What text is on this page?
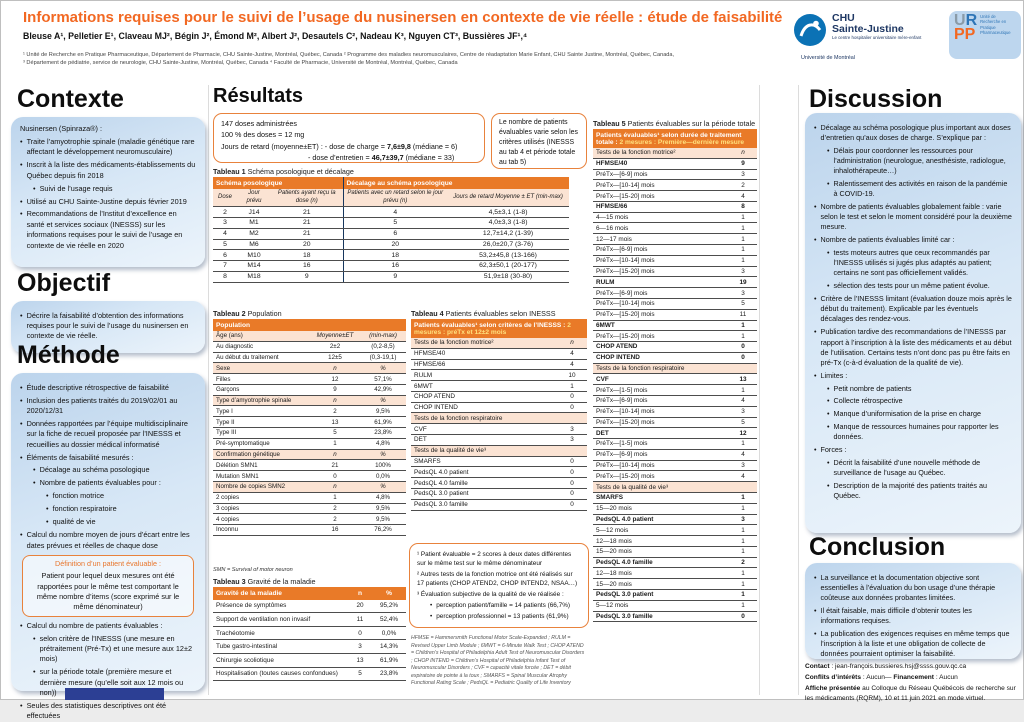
Informations requises pour le suivi de l’usage du nusinersen en contexte de vie réelle : étude de faisabilité
Bleuse A¹, Pelletier E¹, Claveau MJ², Bégin J², Émond M², Albert J², Desautels C², Nadeau K³, Nguyen CT³, Bussières JF¹,⁴
¹ Unité de Recherche en Pratique Pharmaceutique, Département de Pharmacie, CHU Sainte-Justine, Montréal, Québec, Canada ² Programme des maladies neuromusculaires, Centre de réadaptation Marie Enfant, CHU Sainte Justine, Montréal, Québec, Canada,
³ Département de pédiatrie, service de neurologie, CHU Sainte-Justine, Montréal, Québec, Canada ⁴ Faculté de Pharmacie, Université de Montréal, Montréal, Québec, Canada
CHU
Sainte-Justine
Le centre hospitalier universitaire mère-enfant
Université de Montréal
UR
PP
Unité de Recherche en Pratique Pharmaceutique
Contexte
Nusinersen (Spinraza®) :
• Traite l’amyotrophie spinale (maladie génétique rare affectant le développement neuromusculaire)
• Inscrit à la liste des médicaments-établissements du Québec depuis fin 2018
• Suivi de l’usage requis
• Utilisé au CHU Sainte-Justine depuis février 2019
• Recommandations de l’Institut d’excellence en santé et services sociaux (INESSS) sur les informations requises pour le suivi de l’usage en contexte de vie réelle en 2020
Objectif
• Décrire la faisabilité d’obtention des informations requises pour le suivi de l’usage du nusinersen en contexte de vie réelle.
Méthode
• Étude descriptive rétrospective de faisabilité
• Inclusion des patients traités du 2019/02/01 au 2020/12/31
• Données rapportées par l’équipe multidisciplinaire sur la fiche de recueil proposée par l’INESSS et recueillies au dossier médical informatisé
• Éléments de faisabilité mesurés :
• Décalage au schéma posologique
• Nombre de patients évaluables pour :
• fonction motrice
• fonction respiratoire
• qualité de vie
• Calcul du nombre moyen de jours d’écart entre les dates prévues et réelles de chaque dose
Définition d’un patient évaluable :
Patient pour lequel deux mesures ont été rapportées pour le même test comportant le même nombre d’items (score exprimé sur le même dénominateur)
• Calcul du nombre de patients évaluables :
• selon critère de l’INESSS (une mesure en prétraitement (Pré-Tx) et une mesure aux 12±2 mois)
• sur la période totale (première mesure et dernière mesure (qu’elle soit aux 12 mois ou non))
• Seules des statistiques descriptives ont été effectuées
Résultats
147 doses administrées
100 % des doses = 12 mg
Jours de retard (moyenne±ET) : - dose de charge = 7,6±9,8 (médiane = 6)
- dose d’entretien = 46,7±39,7 (médiane = 33)
Le nombre de patients évaluables varie selon les critères utilisés (INESSS au tab 4 et période totale au tab 5)
Tableau 1 Schéma posologique et décalage
Schéma posologique			Décalage au schéma posologique	
Dose	Jour prévu	Patients ayant reçu la dose (n)	Patients avec un retard selon le jour prévu (n)	Jours de retard Moyenne ± ET (min-max)
2	J14	21	4	4,5±3,1 (1-8)
3	M1	21	5	4,0±3,3 (1-8)
4	M2	21	6	12,7±14,2 (1-39)
5	M6	20	20	26,0±20,7 (3-76)
6	M10	18	18	53,2±45,8 (13-166)
7	M14	16	16	62,3±50,1 (20-177)
8	M18	9	9	51,9±18 (30-80)
Tableau 2 Population
Population		
Âge (ans)	Moyenne±ET	(min-max)
Au diagnostic	2±2	(0,2-8,5)
Au début du traitement	12±5	(0,3-19,1)
Sexe	n	%
Filles	12	57,1%
Garçons	9	42,9%
Type d’amyotrophie spinale	n	%
Type I	2	9,5%
Type II	13	61,9%
Type III	5	23,8%
Pré-symptomatique	1	4,8%
Confirmation génétique	n	%
Délétion SMN1	21	100%
Mutation SMN1	0	0,0%
Nombre de copies SMN2	n	%
2 copies	1	4,8%
3 copies	2	9,5%
4 copies	2	9,5%
Inconnu	16	76,2%
SMN = Survival of motor neuron
Tableau 3 Gravité de la maladie
Gravité de la maladie	n	%
Présence de symptômes	20	95,2%
Support de ventilation non invasif	11	52,4%
Trachéotomie	0	0,0%
Tube gastro-intestinal	3	14,3%
Chirurgie scoliotique	13	61,9%
Hospitalisation (toutes causes confondues)	5	23,8%
Tableau 4 Patients évaluables selon INESSS
Patients évaluables¹ selon critères de l’INESSS : 2 mesures : préTx et 12±2 mois	
Tests de la fonction motrice²	n
HFMSE/40	4
HFMSE/66	4
RULM	10
6MWT	1
CHOP ATEND	0
CHOP INTEND	0
Tests de la fonction respiratoire	
CVF	3
DET	3
Tests de la qualité de vie³	
SMARFS	0
PedsQL 4.0 patient	0
PedsQL 4.0 famille	0
PedsQL 3.0 patient	0
PedsQL 3.0 famille	0
¹ Patient évaluable = 2 scores à deux dates différentes sur le même test sur le même dénominateur
² Autres tests de la fonction motrice ont été réalisés sur 17 patients (CHOP ATEND2, CHOP INTEND2, NSAA…)
³ Évaluation subjective de la qualité de vie réalisée :
• perception patient/famille = 14 patients (66,7%)
• perception professionnel = 13 patients (61,9%)
HFMSE = Hammersmith Functional Motor Scale-Expanded ; RULM = Revised Upper Limb Module ; 6MWT = 6-Minute Walk Test ; CHOP ATEND = Children’s Hospital of Philadelphia Adult Test of Neuromuscular Disorders ; CHOP INTEND = Children’s Hospital of Philadelphia Infant Test of Neuromuscular Disorders ; CVF = capacité vitale forcée ; DET = débit expiratoire de pointe à la toux ; SMARFS = Spinal Muscular Atrophy Functional Rating Scale ; PedsQL = Pediatric Quality of Life Inventory
Tableau 5 Patients évaluables sur la période totale
Patients évaluables¹ selon durée de traitement totale : 2 mesures : Première—dernière mesure	
Tests de la fonction motrice²	n
HFMSE/40	9
PréTx—[6-9] mois	3
PréTx—[10-14] mois	2
PréTx—[15-20] mois	4
HFMSE/66	8
4—15 mois	1
6—16 mois	1
12—17 mois	1
PréTx—[6-9] mois	1
PréTx—[10-14] mois	1
PréTx—[15-20] mois	3
RULM	19
PréTx—[6-9] mois	3
PréTx—[10-14] mois	5
PréTx—[15-20] mois	11
6MWT	1
PréTx—[15-20] mois	1
CHOP ATEND	0
CHOP INTEND	0
Tests de la fonction respiratoire	
CVF	13
PréTx—[1-5] mois	1
PréTx—[6-9] mois	4
PréTx—[10-14] mois	3
PréTx—[15-20] mois	5
DET	12
PréTx—[1-5] mois	1
PréTx—[6-9] mois	4
PréTx—[10-14] mois	3
PréTx—[15-20] mois	4
Tests de la qualité de vie³	
SMARFS	1
15—20 mois	1
PedsQL 4.0 patient	3
5—12 mois	1
12—18 mois	1
15—20 mois	1
PedsQL 4.0 famille	2
12—18 mois	1
15—20 mois	1
PedsQL 3.0 patient	1
5—12 mois	1
PedsQL 3.0 famille	0
Discussion
• Décalage au schéma posologique plus important aux doses d’entretien qu’aux doses de charge. S’explique par :
• Délais pour coordonner les ressources pour l’administration (neurologue, anesthésiste, radiologue, inhalothérapeute…)
• Ralentissement des activités en raison de la pandémie à COVID-19.
• Nombre de patients évaluables globalement faible : varie selon le test et selon le moment considéré pour la deuxième mesure.
• Nombre de patients évaluables limité car :
• tests moteurs autres que ceux recommandés par l’INESSS utilisés si jugés plus adaptés au patient; certains ne sont pas officiellement validés.
• sélection des tests pour un même patient évolue.
• Critère de l’INESSS limitant (évaluation douze mois après le début du traitement). Explicable par les éventuels décalages des rendez-vous.
• Publication tardive des recommandations de l’INESSS par rapport à l’inscription à la liste des médicaments et au début de l’utilisation. Certains tests n’ont donc pas pu être faits en pré-Tx (c-à-d évaluation de la qualité de vie).
• Limites :
• Petit nombre de patients
• Collecte rétrospective
• Manque d’uniformisation de la prise en charge
• Manque de ressources humaines pour rapporter les données.
• Forces :
• Décrit la faisabilité d’une nouvelle méthode de surveillance de l’usage au Québec.
• Description de la majorité des patients traités au Québec.
Conclusion
• La surveillance et la documentation objective sont essentielles à l’évaluation du bon usage d’une thérapie coûteuse aux données probantes limitées.
• Il était faisable, mais difficile d’obtenir toutes les informations requises.
• La publication des exigences requises en même temps que l’inscription à la liste et une obligation de collecte de données pourraient optimiser la faisabilité.
Contact : jean-françois.bussieres.hsj@ssss.gouv.qc.ca
Conflits d’intérêts : Aucun— Financement : Aucun
Affiche présentée au Colloque du Réseau Québécois de recherche sur les médicaments (RQRM), 10 et 11 juin 2021 en mode virtuel.
